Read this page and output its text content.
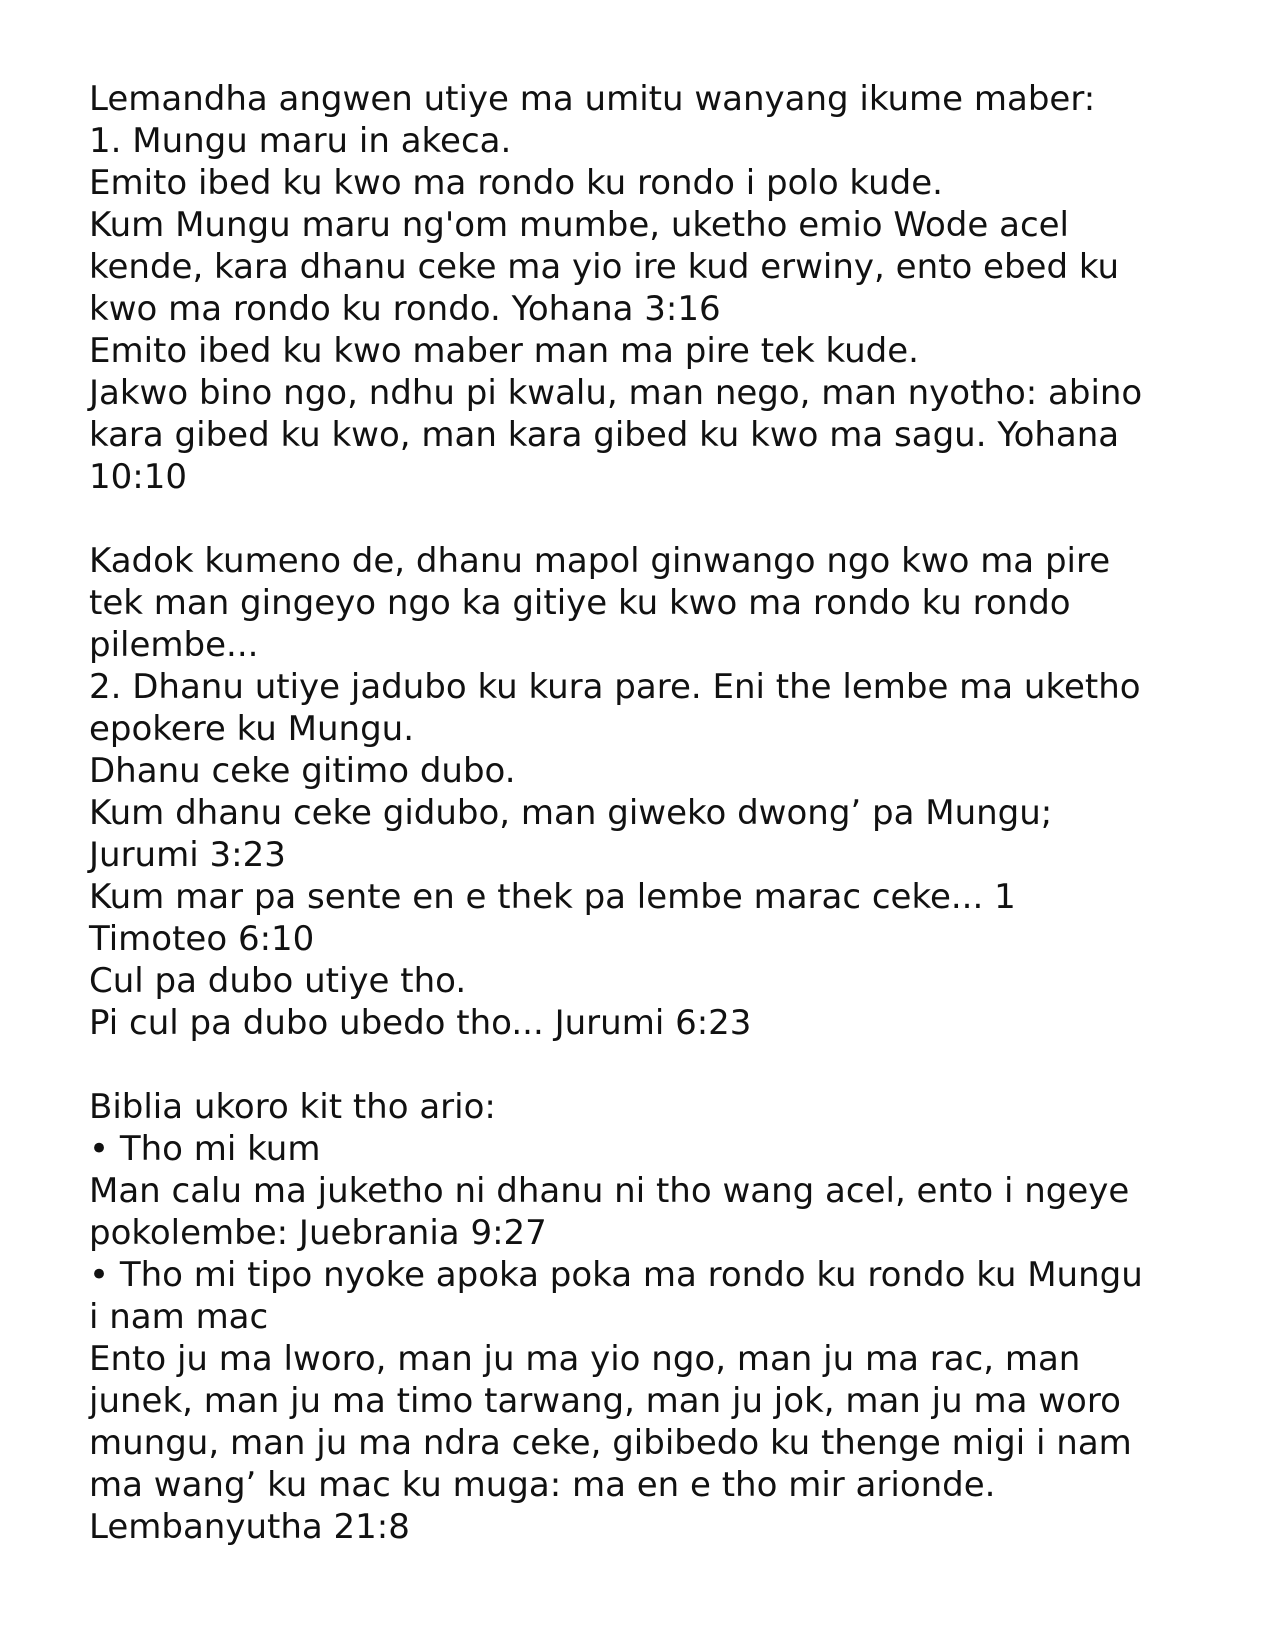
Lemandha angwen utiye ma umitu wanyang ikume maber:
1. Mungu maru in akeca.
Emito ibed ku kwo ma rondo ku rondo i polo kude.
Kum Mungu maru ng'om mumbe, uketho emio Wode acel
kende, kara dhanu ceke ma yio ire kud erwiny, ento ebed ku
kwo ma rondo ku rondo. Yohana 3:16
Emito ibed ku kwo maber man ma pire tek kude.
Jakwo bino ngo, ndhu pi kwalu, man nego, man nyotho: abino
kara gibed ku kwo, man kara gibed ku kwo ma sagu. Yohana
10:10
Kadok kumeno de, dhanu mapol ginwango ngo kwo ma pire
tek man gingeyo ngo ka gitiye ku kwo ma rondo ku rondo
pilembe...
2. Dhanu utiye jadubo ku kura pare. Eni the lembe ma uketho
epokere ku Mungu.
Dhanu ceke gitimo dubo.
Kum dhanu ceke gidubo, man giweko dwong’ pa Mungu;
Jurumi 3:23
Kum mar pa sente en e thek pa lembe marac ceke... 1
Timoteo 6:10
Cul pa dubo utiye tho.
Pi cul pa dubo ubedo tho... Jurumi 6:23
Biblia ukoro kit tho ario:
• Tho mi kum
Man calu ma juketho ni dhanu ni tho wang acel, ento i ngeye
pokolembe: Juebrania 9:27
• Tho mi tipo nyoke apoka poka ma rondo ku rondo ku Mungu
i nam mac
Ento ju ma lworo, man ju ma yio ngo, man ju ma rac, man
junek, man ju ma timo tarwang, man ju jok, man ju ma woro
mungu, man ju ma ndra ceke, gibibedo ku thenge migi i nam
ma wang’ ku mac ku muga: ma en e tho mir arionde.
Lembanyutha 21:8
